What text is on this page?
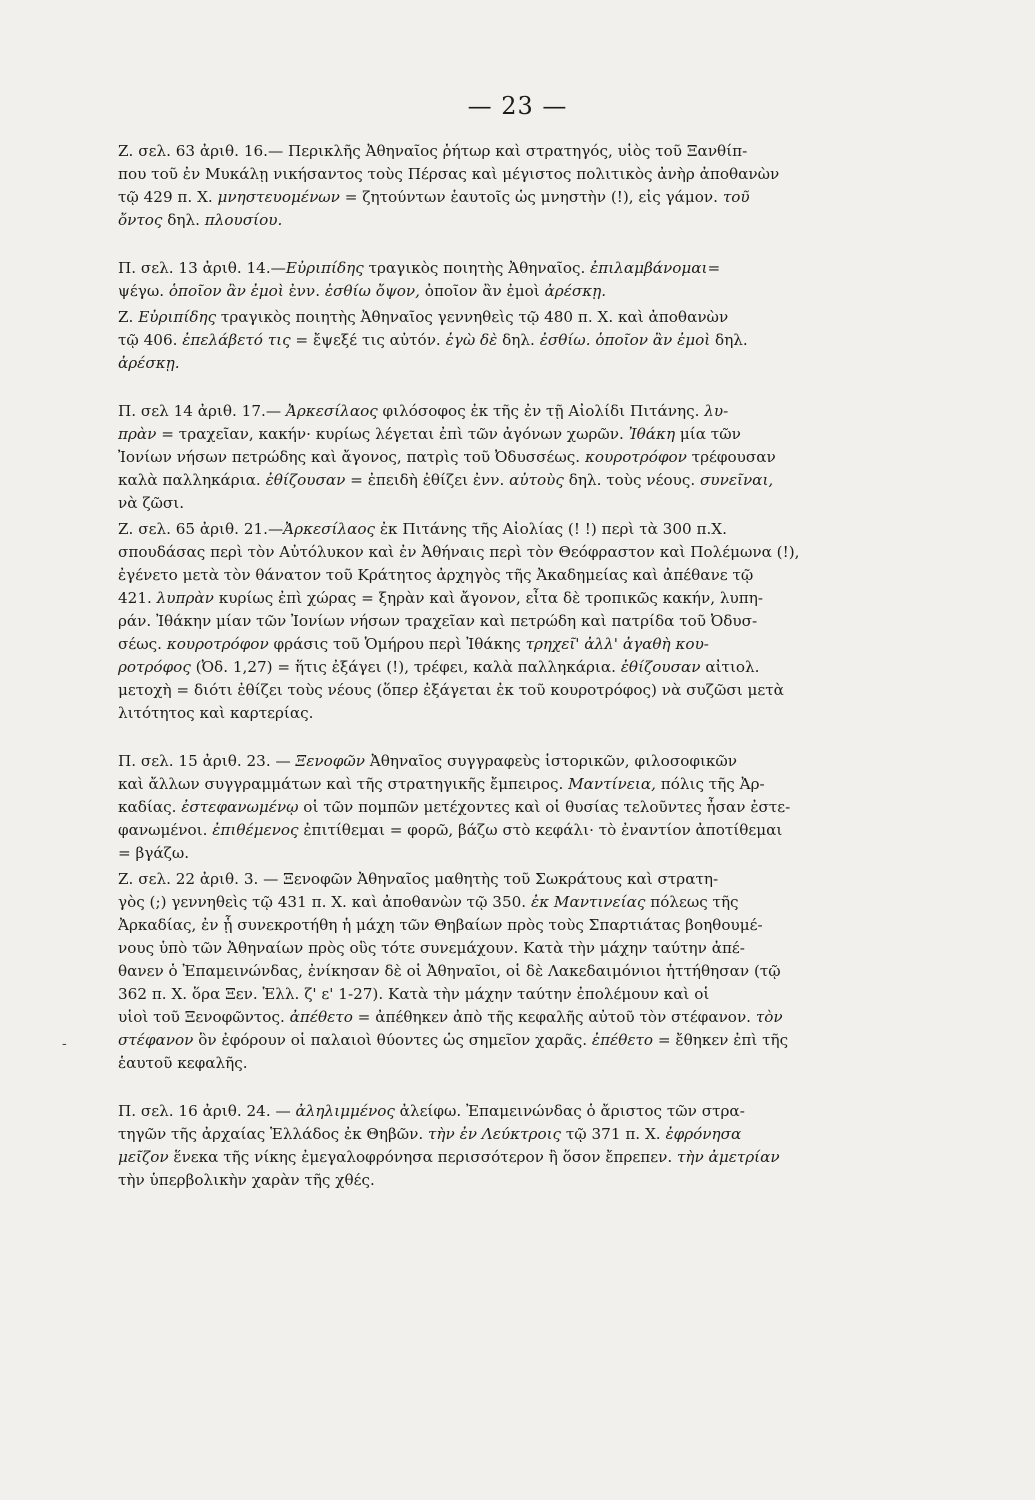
— 23 —
-

Ζ. σελ. 63 ἀριθ. 16.— Περικλῆς Ἀθηναῖος ῥήτωρ καὶ στρατηγός, υἱὸς τοῦ Ξανθίπ-
που τοῦ ἐν Μυκάλῃ νικήσαντος τοὺς Πέρσας καὶ μέγιστος πολιτικὸς ἀνὴρ ἀποθανὼν
τῷ 429 π. Χ. μνηστευομένων = ζητούντων ἑαυτοῖς ὡς μνηστὴν (!), εἰς γάμον. τοῦ
ὄντος δηλ. πλουσίου.

Π. σελ. 13 ἀριθ. 14.—Εὐριπίδης τραγικὸς ποιητὴς Ἀθηναῖος. ἐπιλαμβάνομαι=
ψέγω. ὁποῖον ἂν ἐμοὶ ἐνν. ἐσθίω ὄψον, ὁποῖον ἂν ἐμοὶ ἀρέσκῃ.

Ζ. Εὐριπίδης τραγικὸς ποιητὴς Ἀθηναῖος γεννηθεὶς τῷ 480 π. Χ. καὶ ἀποθανὼν
τῷ 406. ἐπελάβετό τις = ἔψεξέ τις αὐτόν. ἐγὼ δὲ δηλ. ἐσθίω. ὁποῖον ἂν ἐμοὶ δηλ.
ἀρέσκῃ.

Π. σελ 14 ἀριθ. 17.— Ἀρκεσίλαος φιλόσοφος ἐκ τῆς ἐν τῇ Αἰολίδι Πιτάνης. λυ-
πρὰν = τραχεῖαν, κακήν· κυρίως λέγεται ἐπὶ τῶν ἀγόνων χωρῶν. Ἰθάκη μία τῶν
Ἰονίων νήσων πετρώδης καὶ ἄγονος, πατρὶς τοῦ Ὀδυσσέως. κουροτρόφον τρέφουσαν
καλὰ παλληκάρια. ἐθίζουσαν = ἐπειδὴ ἐθίζει ἐνν. αὐτοὺς δηλ. τοὺς νέους. συνεῖναι,
νὰ ζῶσι.

Ζ. σελ. 65 ἀριθ. 21.—Ἀρκεσίλαος ἐκ Πιτάνης τῆς Αἰολίας (! !) περὶ τὰ 300 π.Χ.
σπουδάσας περὶ τὸν Αὐτόλυκον καὶ ἐν Ἀθήναις περὶ τὸν Θεόφραστον καὶ Πολέμωνα (!),
ἐγένετο μετὰ τὸν θάνατον τοῦ Κράτητος ἀρχηγὸς τῆς Ἀκαδημείας καὶ ἀπέθανε τῷ
421. λυπρὰν κυρίως ἐπὶ χώρας = ξηρὰν καὶ ἄγονον, εἶτα δὲ τροπικῶς κακήν, λυπη-
ράν. Ἰθάκην μίαν τῶν Ἰονίων νήσων τραχεῖαν καὶ πετρώδη καὶ πατρίδα τοῦ Ὀδυσ-
σέως. κουροτρόφον φράσις τοῦ Ὁμήρου περὶ Ἰθάκης τρηχεῖ' ἀλλ' ἀγαθὴ κου-
ροτρόφος (Ὀδ. 1,27) = ἥτις ἐξάγει (!), τρέφει, καλὰ παλληκάρια. ἐθίζουσαν αἰτιολ.
μετοχὴ = διότι ἐθίζει τοὺς νέους (ὅπερ ἐξάγεται ἐκ τοῦ κουροτρόφος) νὰ συζῶσι μετὰ
λιτότητος καὶ καρτερίας.

Π. σελ. 15 ἀριθ. 23. — Ξενοφῶν Ἀθηναῖος συγγραφεὺς ἱστορικῶν, φιλοσοφικῶν
καὶ ἄλλων συγγραμμάτων καὶ τῆς στρατηγικῆς ἔμπειρος. Μαντίνεια, πόλις τῆς Ἀρ-
καδίας. ἐστεφανωμένῳ οἱ τῶν πομπῶν μετέχοντες καὶ οἱ θυσίας τελοῦντες ἦσαν ἐστε-
φανωμένοι. ἐπιθέμενος ἐπιτίθεμαι = φορῶ, βάζω στὸ κεφάλι· τὸ ἐναντίον ἀποτίθεμαι
= βγάζω.

Ζ. σελ. 22 ἀριθ. 3. — Ξενοφῶν Ἀθηναῖος μαθητὴς τοῦ Σωκράτους καὶ στρατη-
γὸς (;) γεννηθεὶς τῷ 431 π. Χ. καὶ ἀποθανὼν τῷ 350. ἐκ Μαντινείας πόλεως τῆς
Ἀρκαδίας, ἐν ᾗ συνεκροτήθη ἡ μάχη τῶν Θηβαίων πρὸς τοὺς Σπαρτιάτας βοηθουμέ-
νους ὑπὸ τῶν Ἀθηναίων πρὸς οὓς τότε συνεμάχουν. Κατὰ τὴν μάχην ταύτην ἀπέ-
θανεν ὁ Ἐπαμεινώνδας, ἐνίκησαν δὲ οἱ Ἀθηναῖοι, οἱ δὲ Λακεδαιμόνιοι ἡττήθησαν (τῷ
362 π. Χ. ὅρα Ξεν. Ἑλλ. ζ' ε' 1-27). Κατὰ τὴν μάχην ταύτην ἐπολέμουν καὶ οἱ
υἱοὶ τοῦ Ξενοφῶντος. ἀπέθετο = ἀπέθηκεν ἀπὸ τῆς κεφαλῆς αὐτοῦ τὸν στέφανον. τὸν
στέφανον ὃν ἐφόρουν οἱ παλαιοὶ θύοντες ὡς σημεῖον χαρᾶς. ἐπέθετο = ἔθηκεν ἐπὶ τῆς
ἑαυτοῦ κεφαλῆς.

Π. σελ. 16 ἀριθ. 24. — ἀληλιμμένος ἀλείφω. Ἐπαμεινώνδας ὁ ἄριστος τῶν στρα-
τηγῶν τῆς ἀρχαίας Ἑλλάδος ἐκ Θηβῶν. τὴν ἐν Λεύκτροις τῷ 371 π. Χ. ἐφρόνησα
μεῖζον ἕνεκα τῆς νίκης ἐμεγαλοφρόνησα περισσότερον ἢ ὅσον ἔπρεπεν. τὴν ἀμετρίαν
τὴν ὑπερβολικὴν χαρὰν τῆς χθές.
